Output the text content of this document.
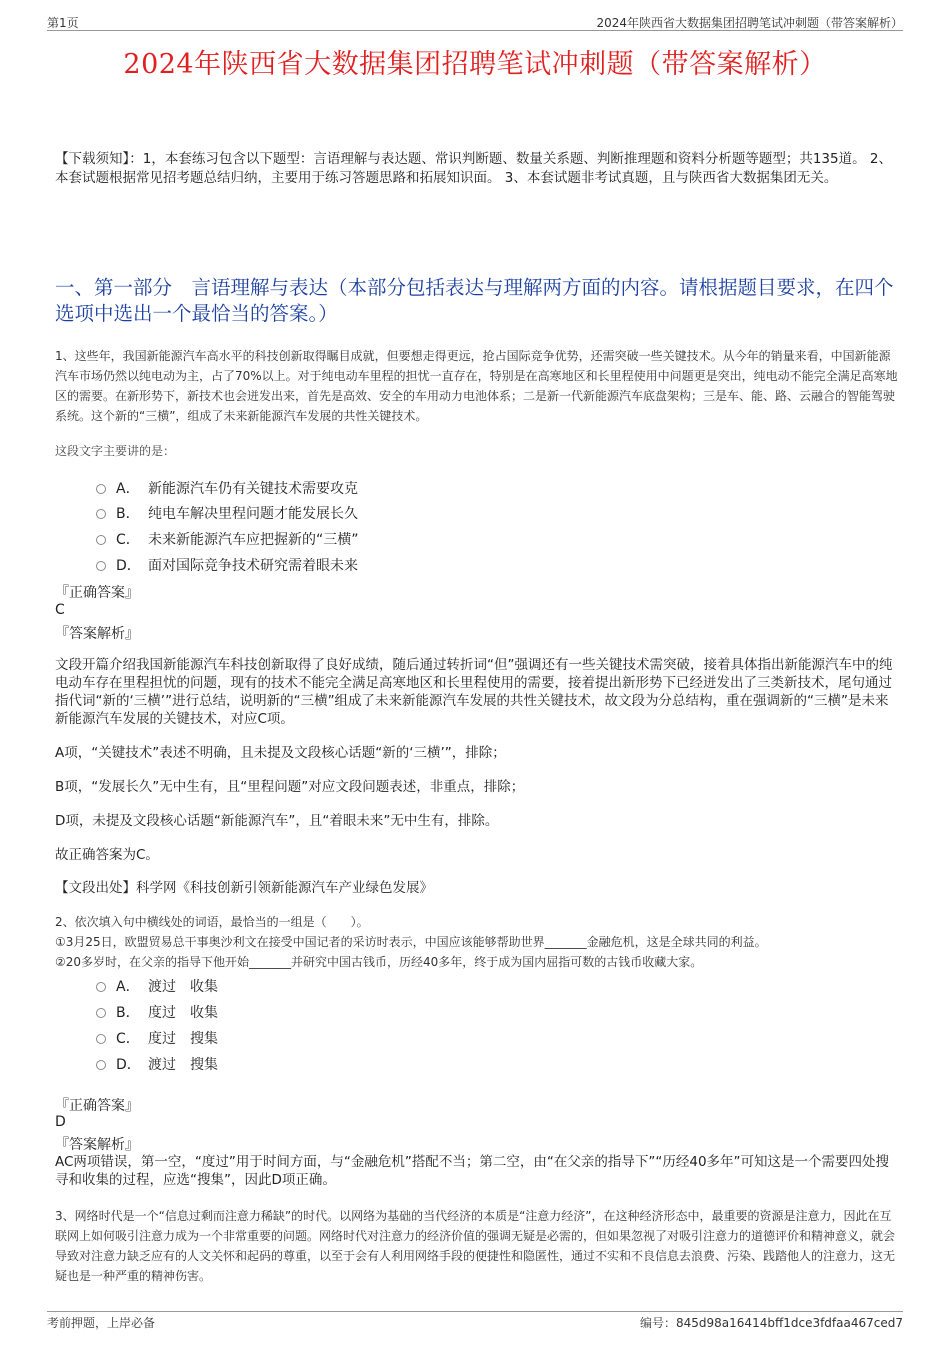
第1页	2024年陕西省大数据集团招聘笔试冲刺题（带答案解析）
2024年陕西省大数据集团招聘笔试冲刺题（带答案解析）
【下载须知】：1，本套练习包含以下题型：言语理解与表达题、常识判断题、数量关系题、判断推理题和资料分析题等题型；共135道。 2、本套试题根据常见招考题总结归纳，主要用于练习答题思路和拓展知识面。 3、本套试题非考试真题，且与陕西省大数据集团无关。
一、第一部分　言语理解与表达（本部分包括表达与理解两方面的内容。请根据题目要求，在四个选项中选出一个最恰当的答案。）
1、这些年，我国新能源汽车高水平的科技创新取得瞩目成就，但要想走得更远，抢占国际竞争优势，还需突破一些关键技术。从今年的销量来看，中国新能源汽车市场仍然以纯电动为主，占了70%以上。对于纯电动车里程的担忧一直存在，特别是在高寒地区和长里程使用中问题更是突出，纯电动不能完全满足高寒地区的需要。在新形势下，新技术也会迸发出来，首先是高效、安全的车用动力电池体系；二是新一代新能源汽车底盘架构；三是车、能、路、云融合的智能驾驶系统。这个新的“三横”，组成了未来新能源汽车发展的共性关键技术。
这段文字主要讲的是：
A． 新能源汽车仍有关键技术需要攻克
B． 纯电车解决里程问题才能发展长久
C． 未来新能源汽车应把握新的“三横”
D． 面对国际竞争技术研究需着眼未来
『正确答案』
C
『答案解析』
文段开篇介绍我国新能源汽车科技创新取得了良好成绩，随后通过转折词“但”强调还有一些关键技术需突破，接着具体指出新能源汽车中的纯电动车存在里程担忧的问题，现有的技术不能完全满足高寒地区和长里程使用的需要，接着提出新形势下已经迸发出了三类新技术，尾句通过指代词“新的‘三横’”进行总结，说明新的“三横”组成了未来新能源汽车发展的共性关键技术，故文段为分总结构，重在强调新的“三横”是未来新能源汽车发展的关键技术，对应C项。
A项，“关键技术”表述不明确，且未提及文段核心话题“新的‘三横’”，排除；
B项，“发展长久”无中生有，且“里程问题”对应文段问题表述，非重点，排除；
D项，未提及文段核心话题“新能源汽车”，且“着眼未来”无中生有，排除。
故正确答案为C。
【文段出处】科学网《科技创新引领新能源汽车产业绿色发展》
2、依次填入句中横线处的词语，最恰当的一组是（　　）。
①3月25日，欧盟贸易总干事奥沙利文在接受中国记者的采访时表示，中国应该能够帮助世界_______金融危机，这是全球共同的利益。
②20多岁时，在父亲的指导下他开始_______并研究中国古钱币，历经40多年，终于成为国内屈指可数的古钱币收藏大家。
A． 渡过　收集
B． 度过　收集
C． 度过　搜集
D． 渡过　搜集
『正确答案』
D
『答案解析』
AC两项错误，第一空，“度过”用于时间方面，与“金融危机”搭配不当；第二空，由“在父亲的指导下”“历经40多年”可知这是一个需要四处搜寻和收集的过程，应选“搜集”，因此D项正确。
3、网络时代是一个“信息过剩而注意力稀缺”的时代。以网络为基础的当代经济的本质是“注意力经济”，在这种经济形态中，最重要的资源是注意力，因此在互联网上如何吸引注意力成为一个非常重要的问题。网络时代对注意力的经济价值的强调无疑是必需的，但如果忽视了对吸引注意力的道德评价和精神意义，就会导致对注意力缺乏应有的人文关怀和起码的尊重，以至于会有人利用网络手段的便捷性和隐匿性，通过不实和不良信息去浪费、污染、践踏他人的注意力，这无疑也是一种严重的精神伤害。
考前押题，上岸必备	编号：845d98a16414bff1dce3fdfaa467ced7
